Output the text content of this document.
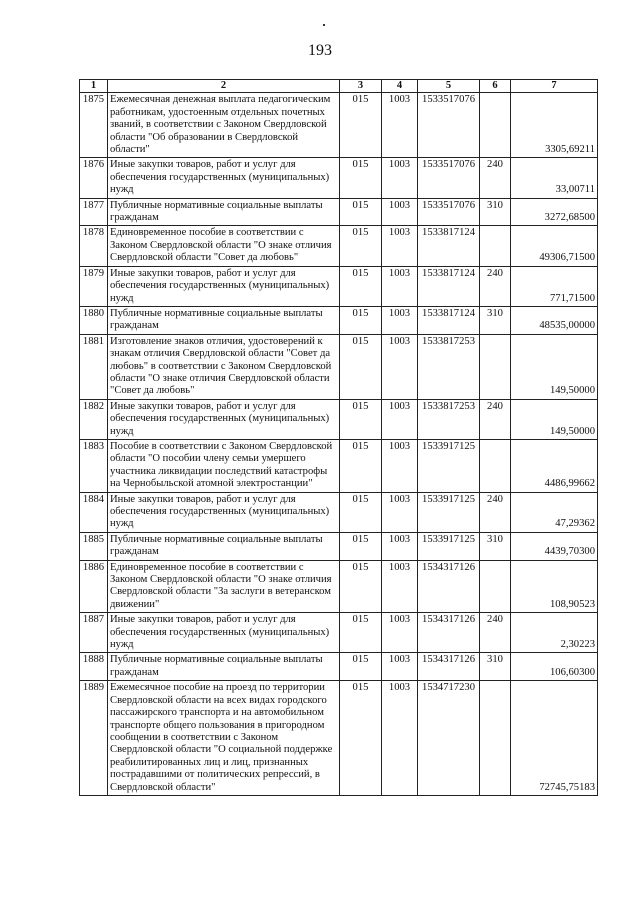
193
1	2	3	4	5	6	7
1875	Ежемесячная денежная выплата педагогическим работникам, удостоенным отдельных почетных званий, в соответствии с Законом Свердловской области "Об образовании в Свердловской области"	015	1003	1533517076		3305,69211
1876	Иные закупки товаров, работ и услуг для обеспечения государственных (муниципальных) нужд	015	1003	1533517076	240	33,00711
1877	Публичные нормативные социальные выплаты гражданам	015	1003	1533517076	310	3272,68500
1878	Единовременное пособие в соответствии с Законом Свердловской области "О знаке отличия Свердловской области "Совет да любовь"	015	1003	1533817124		49306,71500
1879	Иные закупки товаров, работ и услуг для обеспечения государственных (муниципальных) нужд	015	1003	1533817124	240	771,71500
1880	Публичные нормативные социальные выплаты гражданам	015	1003	1533817124	310	48535,00000
1881	Изготовление знаков отличия, удостоверений к знакам отличия Свердловской области "Совет да любовь" в соответствии с Законом Свердловской области "О знаке отличия Свердловской области "Совет да любовь"	015	1003	1533817253		149,50000
1882	Иные закупки товаров, работ и услуг для обеспечения государственных (муниципальных) нужд	015	1003	1533817253	240	149,50000
1883	Пособие в соответствии с Законом Свердловской области "О пособии члену семьи умершего участника ликвидации последствий катастрофы на Чернобыльской атомной электростанции"	015	1003	1533917125		4486,99662
1884	Иные закупки товаров, работ и услуг для обеспечения государственных (муниципальных) нужд	015	1003	1533917125	240	47,29362
1885	Публичные нормативные социальные выплаты гражданам	015	1003	1533917125	310	4439,70300
1886	Единовременное пособие в соответствии с Законом Свердловской области "О знаке отличия Свердловской области "За заслуги в ветеранском движении"	015	1003	1534317126		108,90523
1887	Иные закупки товаров, работ и услуг для обеспечения государственных (муниципальных) нужд	015	1003	1534317126	240	2,30223
1888	Публичные нормативные социальные выплаты гражданам	015	1003	1534317126	310	106,60300
1889	Ежемесячное пособие на проезд по территории Свердловской области на всех видах городского пассажирского транспорта и на автомобильном транспорте общего пользования в пригородном сообщении в соответствии с Законом Свердловской области "О социальной поддержке реабилитированных лиц и лиц, признанных пострадавшими от политических репрессий, в Свердловской области"	015	1003	1534717230		72745,75183
